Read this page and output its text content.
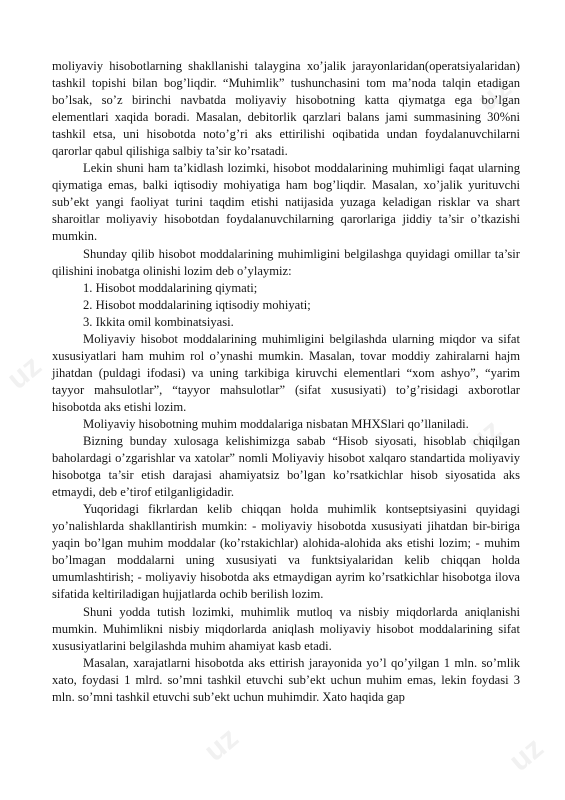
uz
uz
uz
uz	uz

moliyaviy hisobotlarning shakllanishi talaygina xo’jalik jarayonlaridan(operatsiyalaridan) tashkil topishi bilan bog’liqdir. “Muhimlik” tushunchasini tom ma’noda talqin etadigan bo’lsak, so’z birinchi navbatda moliyaviy hisobotning katta qiymatga ega bo’lgan elementlari xaqida boradi. Masalan, debitorlik qarzlari balans jami summasining 30%ni tashkil etsa, uni hisobotda noto’g’ri aks ettirilishi oqibatida undan foydalanuvchilarni qarorlar qabul qilishiga salbiy ta’sir ko’rsatadi.

Lekin shuni ham ta’kidlash lozimki, hisobot moddalarining muhimligi faqat ularning qiymatiga emas, balki iqtisodiy mohiyatiga ham bog’liqdir. Masalan, xo’jalik yurituvchi sub’ekt yangi faoliyat turini taqdim etishi natijasida yuzaga keladigan risklar va shart sharoitlar moliyaviy hisobotdan foydalanuvchilarning qarorlariga jiddiy ta’sir o’tkazishi mumkin.

Shunday qilib hisobot moddalarining muhimligini belgilashga quyidagi omillar ta’sir qilishini inobatga olinishi lozim deb o’ylaymiz:

1. Hisobot moddalarining qiymati;

2. Hisobot moddalarining iqtisodiy mohiyati;

3. Ikkita omil kombinatsiyasi.

Moliyaviy hisobot moddalarining muhimligini belgilashda ularning miqdor va sifat xususiyatlari ham muhim rol o’ynashi mumkin. Masalan, tovar moddiy zahiralarni hajm jihatdan (puldagi ifodasi) va uning tarkibiga kiruvchi elementlari “xom ashyo”, “yarim tayyor mahsulotlar”, “tayyor mahsulotlar” (sifat xususiyati) to’g’risidagi axborotlar hisobotda aks etishi lozim.

Moliyaviy hisobotning muhim moddalariga nisbatan MHXSlari qo’llaniladi.

Bizning bunday xulosaga kelishimizga sabab “Hisob siyosati, hisoblab chiqilgan baholardagi o’zgarishlar va xatolar” nomli Moliyaviy hisobot xalqaro standartida moliyaviy hisobotga ta’sir etish darajasi ahamiyatsiz bo’lgan ko’rsatkichlar hisob siyosatida aks etmaydi, deb e’tirof etilganligidadir.

Yuqoridagi fikrlardan kelib chiqqan holda muhimlik kontseptsiyasini quyidagi yo’nalishlarda shakllantirish mumkin: - moliyaviy hisobotda xususiyati jihatdan bir-biriga yaqin bo’lgan muhim moddalar (ko’rstakichlar) alohida-alohida aks etishi lozim; - muhim bo’lmagan moddalarni uning xususiyati va funktsiyalaridan kelib chiqqan holda umumlashtirish; - moliyaviy hisobotda aks etmaydigan ayrim ko’rsatkichlar hisobotga ilova sifatida keltiriladigan hujjatlarda ochib berilish lozim.

Shuni yodda tutish lozimki, muhimlik mutloq va nisbiy miqdorlarda aniqlanishi mumkin. Muhimlikni nisbiy miqdorlarda aniqlash moliyaviy hisobot moddalarining sifat xususiyatlarini belgilashda muhim ahamiyat kasb etadi.

Masalan, xarajatlarni hisobotda aks ettirish jarayonida yo’l qo’yilgan 1 mln. so’mlik xato, foydasi 1 mlrd. so’mni tashkil etuvchi sub’ekt uchun muhim emas, lekin foydasi 3 mln. so’mni tashkil etuvchi sub’ekt uchun muhimdir. Xato haqida gap
